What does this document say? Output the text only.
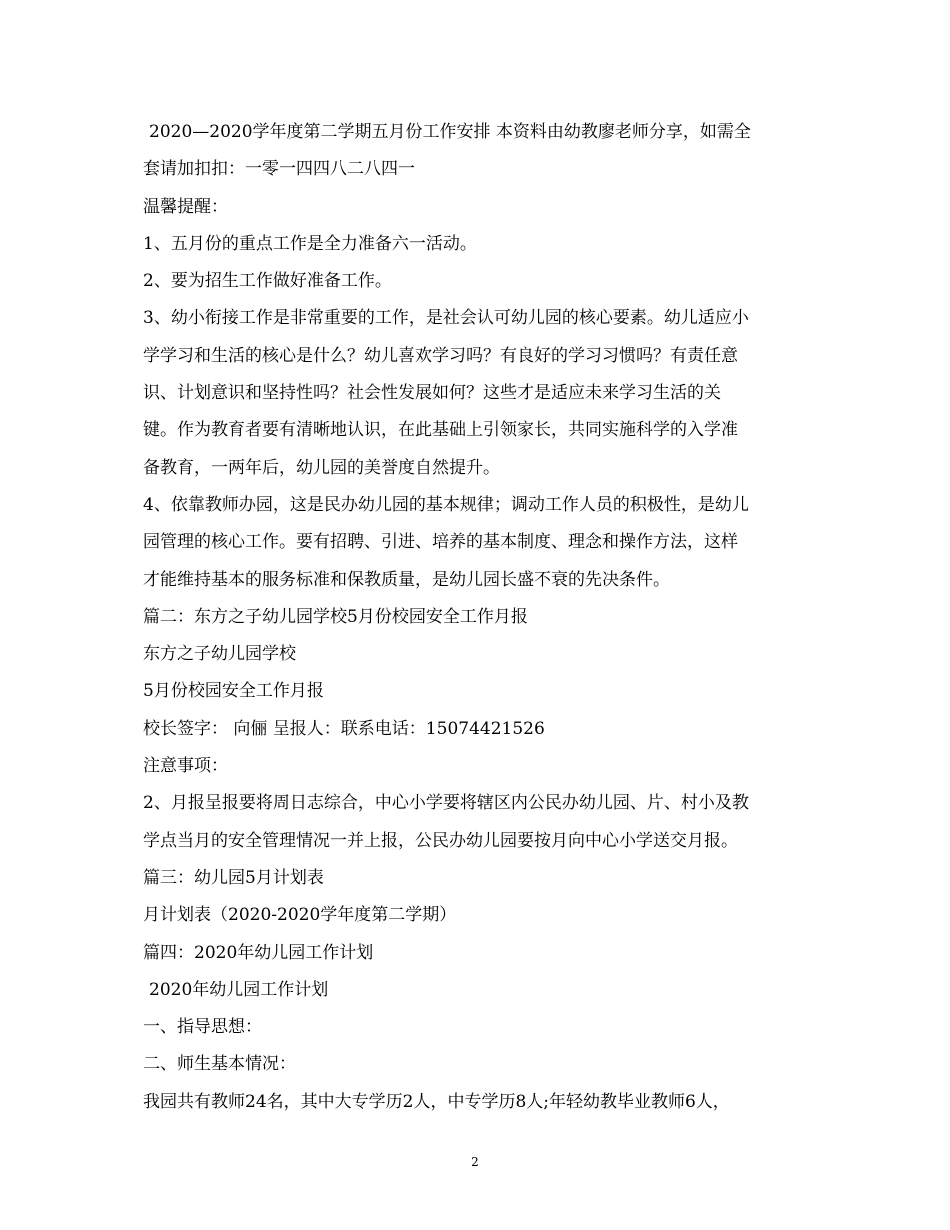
2020—2020学年度第二学期五月份工作安排 本资料由幼教廖老师分享，如需全
套请加扣扣：一零一四四八二八四一
温馨提醒：
1、五月份的重点工作是全力准备六一活动。
2、要为招生工作做好准备工作。
3、幼小衔接工作是非常重要的工作，是社会认可幼儿园的核心要素。幼儿适应小
学学习和生活的核心是什么？幼儿喜欢学习吗？有良好的学习习惯吗？有责任意
识、计划意识和坚持性吗？社会性发展如何？这些才是适应未来学习生活的关
键。作为教育者要有清晰地认识，在此基础上引领家长，共同实施科学的入学准
备教育，一两年后，幼儿园的美誉度自然提升。
4、依靠教师办园，这是民办幼儿园的基本规律；调动工作人员的积极性，是幼儿
园管理的核心工作。要有招聘、引进、培养的基本制度、理念和操作方法，这样
才能维持基本的服务标准和保教质量，是幼儿园长盛不衰的先决条件。
篇二：东方之子幼儿园学校5月份校园安全工作月报
东方之子幼儿园学校
5月份校园安全工作月报
校长签字： 向俪 呈报人：联系电话：15074421526
注意事项：
2、月报呈报要将周日志综合，中心小学要将辖区内公民办幼儿园、片、村小及教
学点当月的安全管理情况一并上报，公民办幼儿园要按月向中心小学送交月报。
篇三：幼儿园5月计划表
月计划表（2020-2020学年度第二学期）
篇四：2020年幼儿园工作计划
2020年幼儿园工作计划
一、指导思想：
二、师生基本情况：
我园共有教师24名，其中大专学历2人，中专学历8人;年轻幼教毕业教师6人，
2
